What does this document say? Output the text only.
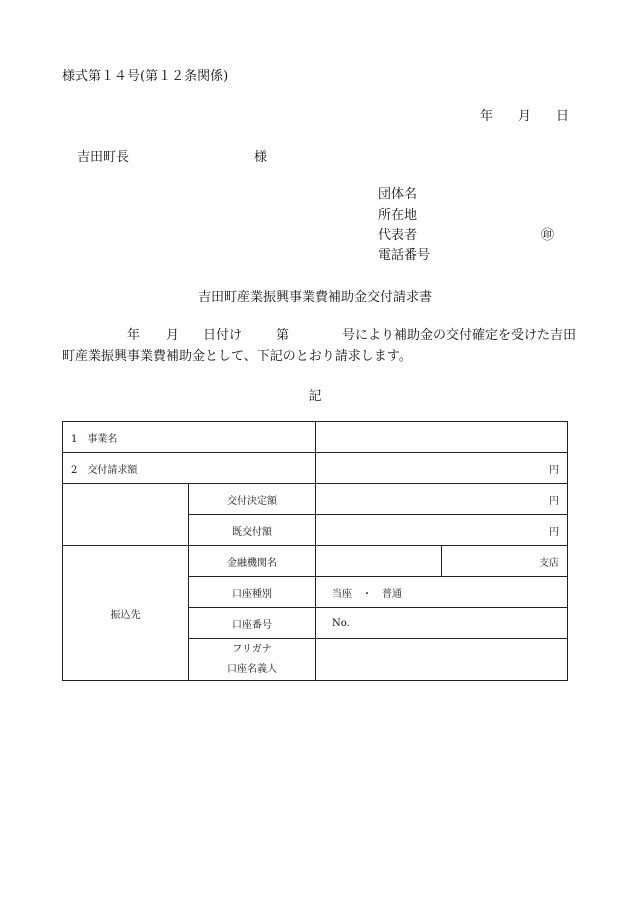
様式第１４号(第１２条関係)
年 月 日
吉田町長	様
団体名
所在地
代表者	㊞
電話番号
吉田町産業振興事業費補助金交付請求書
年 月 日付け	第	号により補助金の交付確定を受けた吉田
町産業振興事業費補助金として、下記のとおり請求します。
記
1　事業名			
2　交付請求額		円	
	交付決定額	円	
	既交付額	円	
振込先	金融機関名		支店
	口座種別	当座　・　普通	
	口座番号	No.	

	フリガナ
口座名義人		
